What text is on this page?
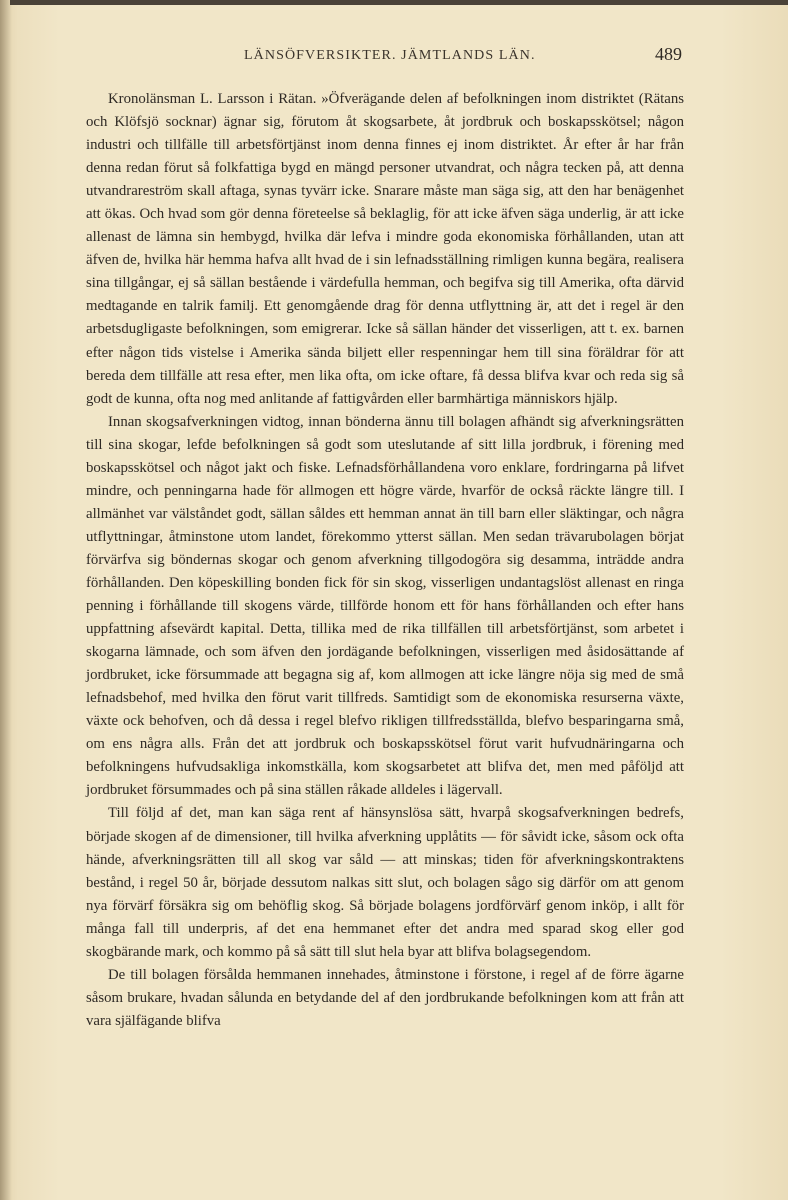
LÄNSÖFVERSIKTER. JÄMTLANDS LÄN.	489

Kronolänsman L. Larsson i Rätan. »Öfverägande delen af befolkningen inom distriktet (Rätans och Klöfsjö socknar) ägnar sig, förutom åt skogsarbete, åt jordbruk och boskapsskötsel; någon industri och tillfälle till arbetsförtjänst inom denna finnes ej inom distriktet. År efter år har från denna redan förut så folkfattiga bygd en mängd personer utvandrat, och några tecken på, att denna utvandrareström skall aftaga, synas tyvärr icke. Snarare måste man säga sig, att den har benägenhet att ökas. Och hvad som gör denna företeelse så beklaglig, för att icke äfven säga underlig, är att icke allenast de lämna sin hembygd, hvilka där lefva i mindre goda ekonomiska förhållanden, utan att äfven de, hvilka här hemma hafva allt hvad de i sin lefnadsställning rimligen kunna begära, realisera sina tillgångar, ej så sällan bestående i värdefulla hemman, och begifva sig till Amerika, ofta därvid medtagande en talrik familj. Ett genomgående drag för denna utflyttning är, att det i regel är den arbetsdugligaste befolkningen, som emigrerar. Icke så sällan händer det visserligen, att t. ex. barnen efter någon tids vistelse i Amerika sända biljett eller respenningar hem till sina föräldrar för att bereda dem tillfälle att resa efter, men lika ofta, om icke oftare, få dessa blifva kvar och reda sig så godt de kunna, ofta nog med anlitande af fattigvården eller barmhärtiga människors hjälp.

Innan skogsafverkningen vidtog, innan bönderna ännu till bolagen afhändt sig afverkningsrätten till sina skogar, lefde befolkningen så godt som uteslutande af sitt lilla jordbruk, i förening med boskapsskötsel och något jakt och fiske. Lefnadsförhållandena voro enklare, fordringarna på lifvet mindre, och penningarna hade för allmogen ett högre värde, hvarför de också räckte längre till. I allmänhet var välståndet godt, sällan såldes ett hemman annat än till barn eller släktingar, och några utflyttningar, åtminstone utom landet, förekommo ytterst sällan. Men sedan trävarubolagen börjat förvärfva sig böndernas skogar och genom afverkning tillgodogöra sig desamma, inträdde andra förhållanden. Den köpeskilling bonden fick för sin skog, visserligen undantagslöst allenast en ringa penning i förhållande till skogens värde, tillförde honom ett för hans förhållanden och efter hans uppfattning afsevärdt kapital. Detta, tillika med de rika tillfällen till arbetsförtjänst, som arbetet i skogarna lämnade, och som äfven den jordägande befolkningen, visserligen med åsidosättande af jordbruket, icke försummade att begagna sig af, kom allmogen att icke längre nöja sig med de små lefnadsbehof, med hvilka den förut varit tillfreds. Samtidigt som de ekonomiska resurserna växte, växte ock behofven, och då dessa i regel blefvo rikligen tillfredsställda, blefvo besparingarna små, om ens några alls. Från det att jordbruk och boskapsskötsel förut varit hufvudnäringarna och befolkningens hufvudsakliga inkomstkälla, kom skogsarbetet att blifva det, men med påföljd att jordbruket försummades och på sina ställen råkade alldeles i lägervall.

Till följd af det, man kan säga rent af hänsynslösa sätt, hvarpå skogsafverkningen bedrefs, började skogen af de dimensioner, till hvilka afverkning upplåtits — för såvidt icke, såsom ock ofta hände, afverkningsrätten till all skog var såld — att minskas; tiden för afverkningskontraktens bestånd, i regel 50 år, började dessutom nalkas sitt slut, och bolagen sågo sig därför om att genom nya förvärf försäkra sig om behöflig skog. Så började bolagens jordförvärf genom inköp, i allt för många fall till underpris, af det ena hemmanet efter det andra med sparad skog eller god skogbärande mark, och kommo på så sätt till slut hela byar att blifva bolagsegendom.

De till bolagen försålda hemmanen innehades, åtminstone i förstone, i regel af de förre ägarne såsom brukare, hvadan sålunda en betydande del af den jordbrukande befolkningen kom att från att vara själfägande blifva
